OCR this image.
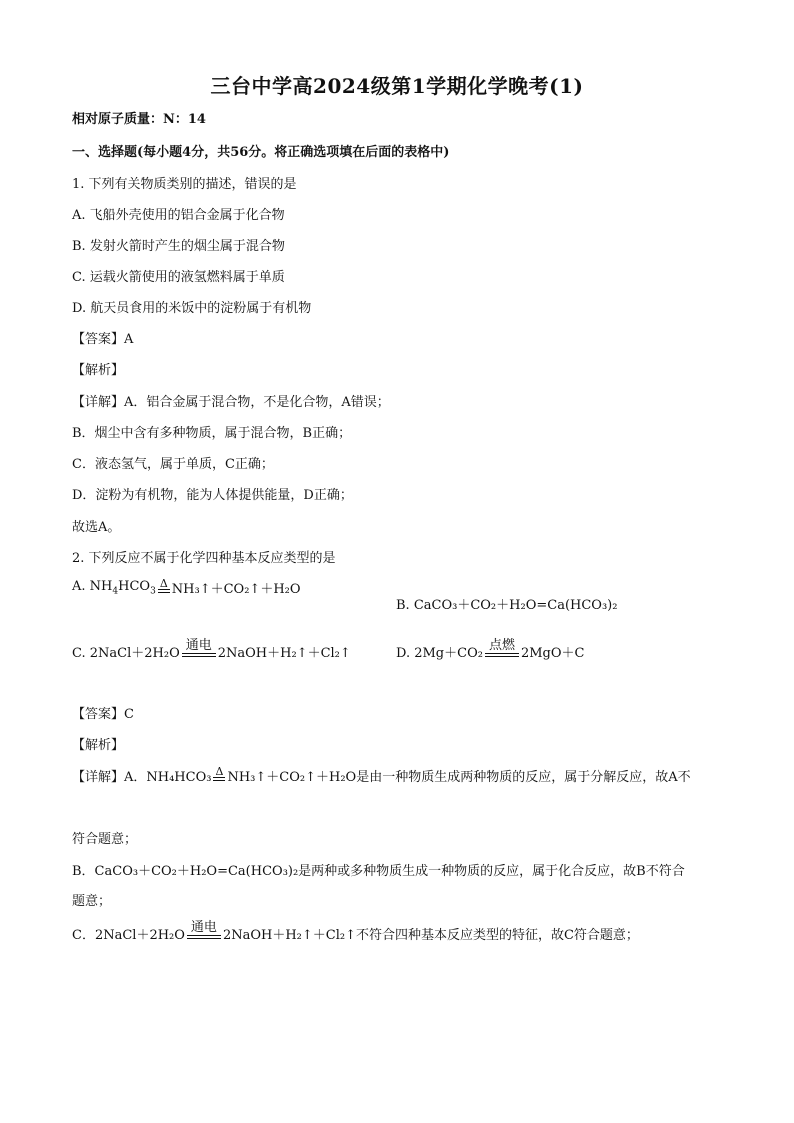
三台中学高2024级第1学期化学晚考(1)
相对原子质量：N：14
一、选择题(每小题4分，共56分。将正确选项填在后面的表格中)
1. 下列有关物质类别的描述，错误的是
A. 飞船外壳使用的铝合金属于化合物
B. 发射火箭时产生的烟尘属于混合物
C. 运载火箭使用的液氢燃料属于单质
D. 航天员食用的米饭中的淀粉属于有机物
【答案】A
【解析】
【详解】A．铝合金属于混合物，不是化合物，A错误；
B．烟尘中含有多种物质，属于混合物，B正确；
C．液态氢气，属于单质，C正确；
D．淀粉为有机物，能为人体提供能量，D正确；
故选A。
2. 下列反应不属于化学四种基本反应类型的是
A. $NH_4HCO_3$
Δ NH₃↑＋CO₂↑＋H₂O
B. CaCO₃＋CO₂＋H₂O=Ca(HCO₃)₂
C. 2NaCl＋2H₂O
通电
2NaOH＋H₂↑＋Cl₂↑	D. 2Mg＋CO₂
点燃
2MgO＋C
【答案】C
【解析】
【详解】A．NH₄HCO₃ Δ NH₃↑＋CO₂↑＋H₂O是由一种物质生成两种物质的反应，属于分解反应，故A不
符合题意；
B．CaCO₃＋CO₂＋H₂O=Ca(HCO₃)₂是两种或多种物质生成一种物质的反应，属于化合反应，故B不符合
题意；
C．2NaCl＋2H₂O
通电
2NaOH＋H₂↑＋Cl₂↑不符合四种基本反应类型的特征，故C符合题意；
